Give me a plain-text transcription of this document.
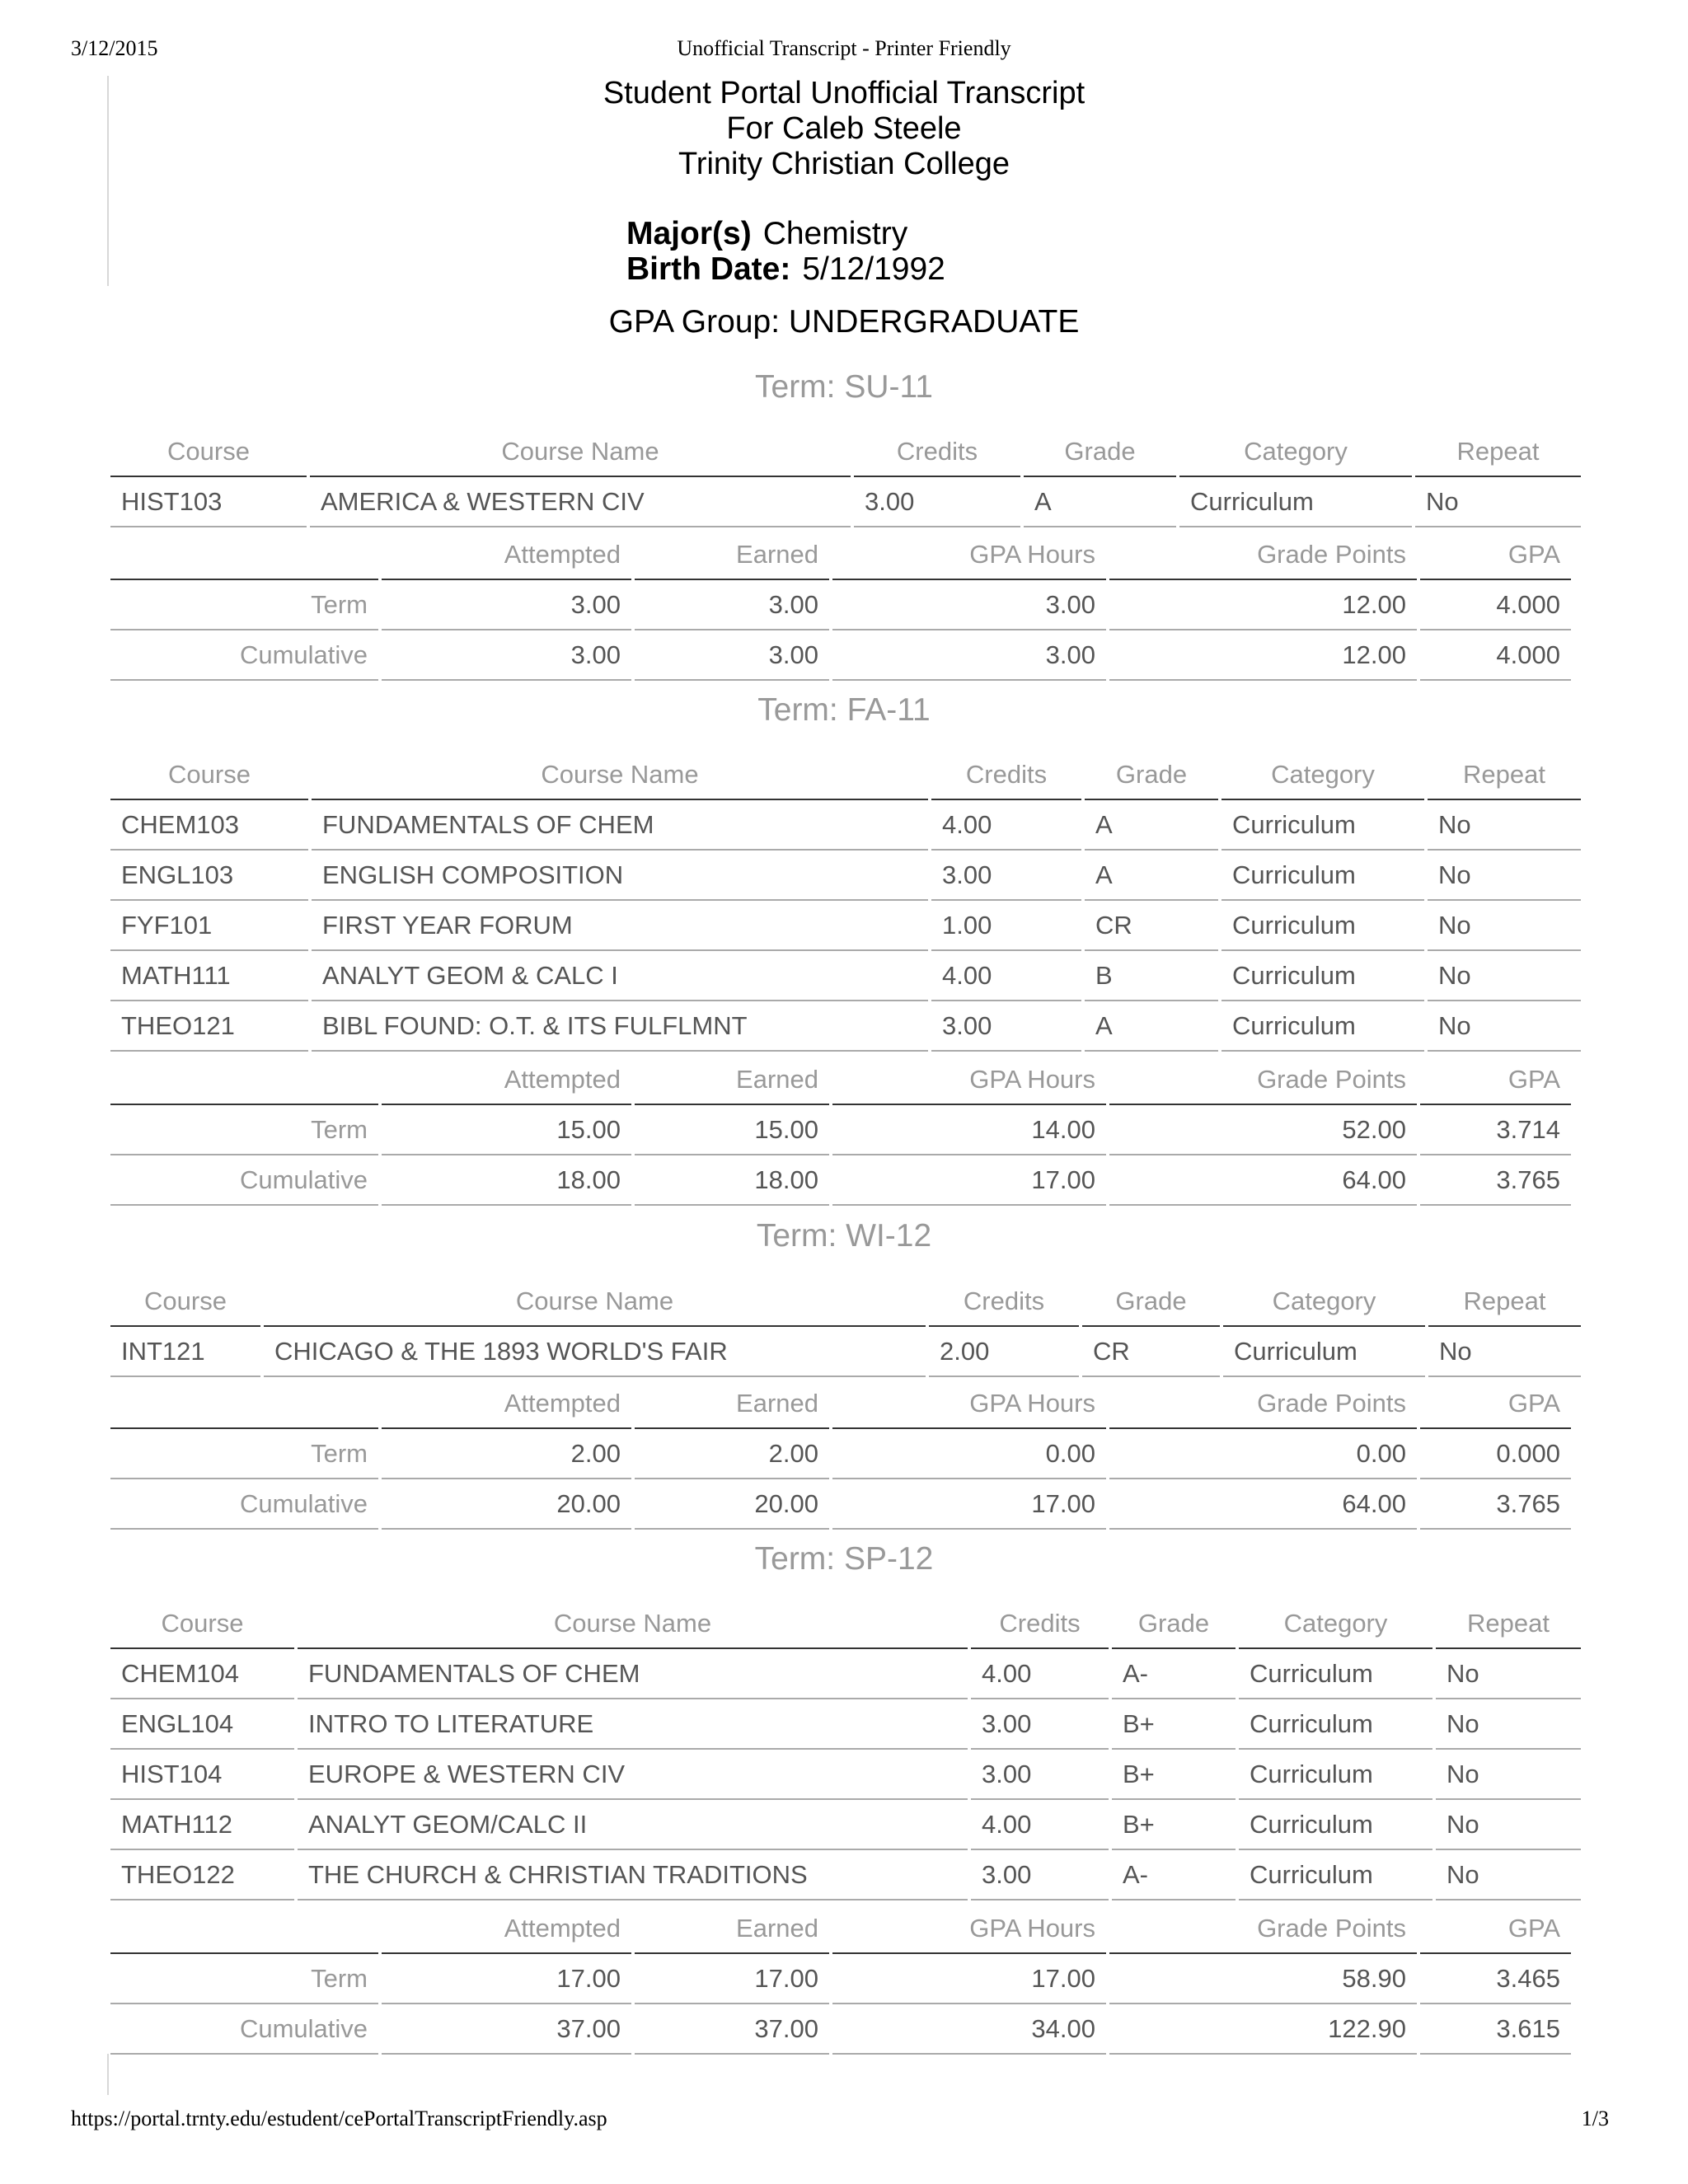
3/12/2015	Unofficial Transcript - Printer Friendly
Student Portal Unofficial Transcript
For Caleb Steele
Trinity Christian College
Major(s) Chemistry
Birth Date: 5/12/1992
GPA Group: UNDERGRADUATE
Term: SU-11
Course	Course Name	Credits	Grade	Category	Repeat
HIST103	AMERICA & WESTERN CIV	3.00	A	Curriculum	No
	Attempted	Earned	GPA Hours	Grade Points	GPA
Term	3.00	3.00	3.00	12.00	4.000
Cumulative	3.00	3.00	3.00	12.00	4.000
Term: FA-11
Course	Course Name	Credits	Grade	Category	Repeat
CHEM103	FUNDAMENTALS OF CHEM	4.00	A	Curriculum	No
ENGL103	ENGLISH COMPOSITION	3.00	A	Curriculum	No
FYF101	FIRST YEAR FORUM	1.00	CR	Curriculum	No
MATH111	ANALYT GEOM & CALC I	4.00	B	Curriculum	No
THEO121	BIBL FOUND: O.T. & ITS FULFLMNT	3.00	A	Curriculum	No
	Attempted	Earned	GPA Hours	Grade Points	GPA
Term	15.00	15.00	14.00	52.00	3.714
Cumulative	18.00	18.00	17.00	64.00	3.765
Term: WI-12
Course	Course Name	Credits	Grade	Category	Repeat
INT121	CHICAGO & THE 1893 WORLD'S FAIR	2.00	CR	Curriculum	No
	Attempted	Earned	GPA Hours	Grade Points	GPA
Term	2.00	2.00	0.00	0.00	0.000
Cumulative	20.00	20.00	17.00	64.00	3.765
Term: SP-12
Course	Course Name	Credits	Grade	Category	Repeat
CHEM104	FUNDAMENTALS OF CHEM	4.00	A-	Curriculum	No
ENGL104	INTRO TO LITERATURE	3.00	B+	Curriculum	No
HIST104	EUROPE & WESTERN CIV	3.00	B+	Curriculum	No
MATH112	ANALYT GEOM/CALC II	4.00	B+	Curriculum	No
THEO122	THE CHURCH & CHRISTIAN TRADITIONS	3.00	A-	Curriculum	No
	Attempted	Earned	GPA Hours	Grade Points	GPA
Term	17.00	17.00	17.00	58.90	3.465
Cumulative	37.00	37.00	34.00	122.90	3.615
https://portal.trnty.edu/estudent/cePortalTranscriptFriendly.asp	1/3
